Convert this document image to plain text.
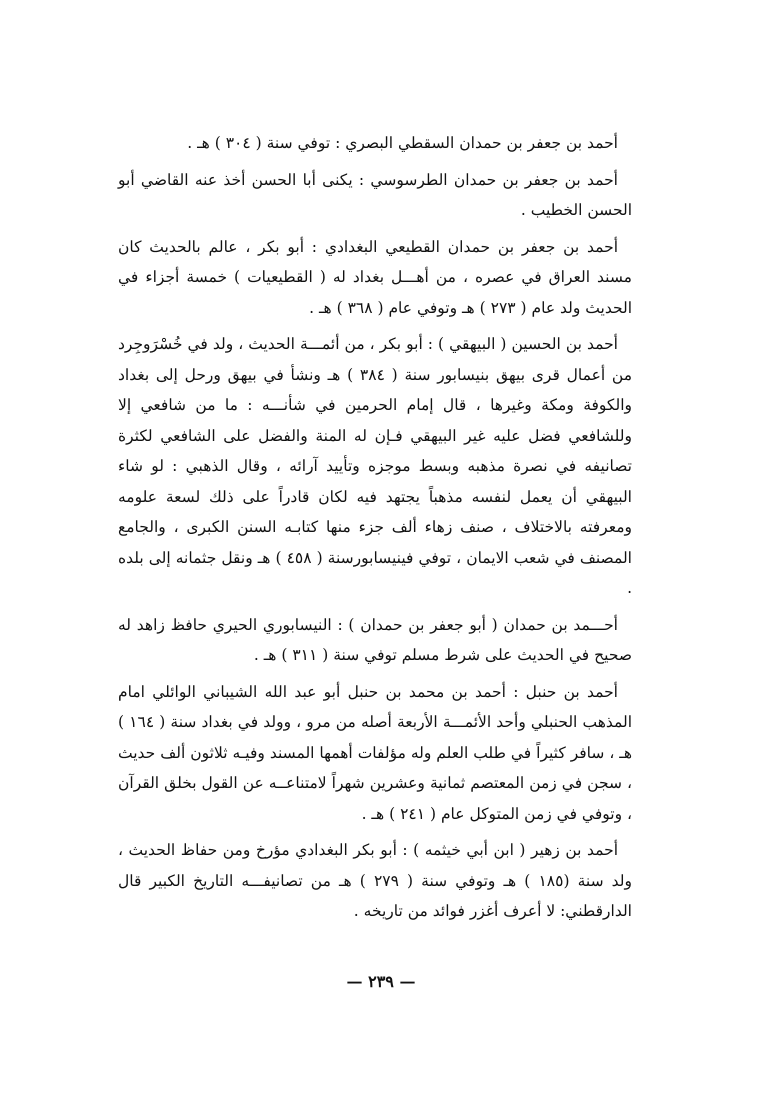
أحمد بن جعفر بن حمدان السقطي البصري : توفي سنة ( ٣٠٤ ) هـ .

أحمد بن جعفر بن حمدان الطرسوسي : يكنى أبا الحسن أخذ عنه القاضي أبو الحسن الخطيب .

أحمد بن جعفر بن حمدان القطيعي البغدادي : أبو بكر ، عالم بالحديث كان مسند العراق في عصره ، من أهـــل بغداد له ( القطيعيات ) خمسة أجزاء في الحديث ولد عام ( ٢٧٣ ) هـ وتوفي عام ( ٣٦٨ ) هـ .

أحمد بن الحسين ( البيهقي ) : أبو بكر ، من أئمـــة الحديث ، ولد في خُسْرَوجِرد من أعمال قرى بيهق بنيسابور سنة ( ٣٨٤ ) هـ ونشأ في بيهق ورحل إلى بغداد والكوفة ومكة وغيرها ، قال إمام الحرمين في شأنـــه : ما من شافعي إلا وللشافعي فضل عليه غير البيهقي فـإن له المنة والفضل على الشافعي لكثرة تصانيفه في نصرة مذهبه وبسط موجزه وتأييد آرائه ، وقال الذهبي : لو شاء البيهقي أن يعمل لنفسه مذهباً يجتهد فيه لكان قادراً على ذلك لسعة علومه ومعرفته بالاختلاف ، صنف زهاء ألف جزء منها كتابـه السنن الكبرى ، والجامع المصنف في شعب الايمان ، توفي فينيسابورسنة ( ٤٥٨ ) هـ ونقل جثمانه إلى بلده .

أحـــمد بن حمدان ( أبو جعفر بن حمدان ) : النيسابوري الحيري حافظ زاهد له صحيح في الحديث على شرط مسلم توفي سنة ( ٣١١ ) هـ .

أحمد بن حنبل : أحمد بن محمد بن حنبل أبو عبد الله الشيباني الوائلي امام المذهب الحنبلي وأحد الأئمـــة الأربعة أصله من مرو ، وولد في بغداد سنة ( ١٦٤ ) هـ ، سافر كثيراً في طلب العلم وله مؤلفات أهمها المسند وفيـه ثلاثون ألف حديث ، سجن في زمن المعتصم ثمانية وعشرين شهراً لامتناعــه عن القول بخلق القرآن ، وتوفي في زمن المتوكل عام ( ٢٤١ ) هـ .

أحمد بن زهير ( ابن أبي خيثمه ) : أبو بكر البغدادي مؤرخ ومن حفاظ الحديث ، ولد سنة (١٨٥ ) هـ وتوفي سنة ( ٢٧٩ ) هـ من تصانيفـــه التاريخ الكبير قال الدارقطني: لا أعرف أغزر فوائد من تاريخه .

— ٢٣٩ —
